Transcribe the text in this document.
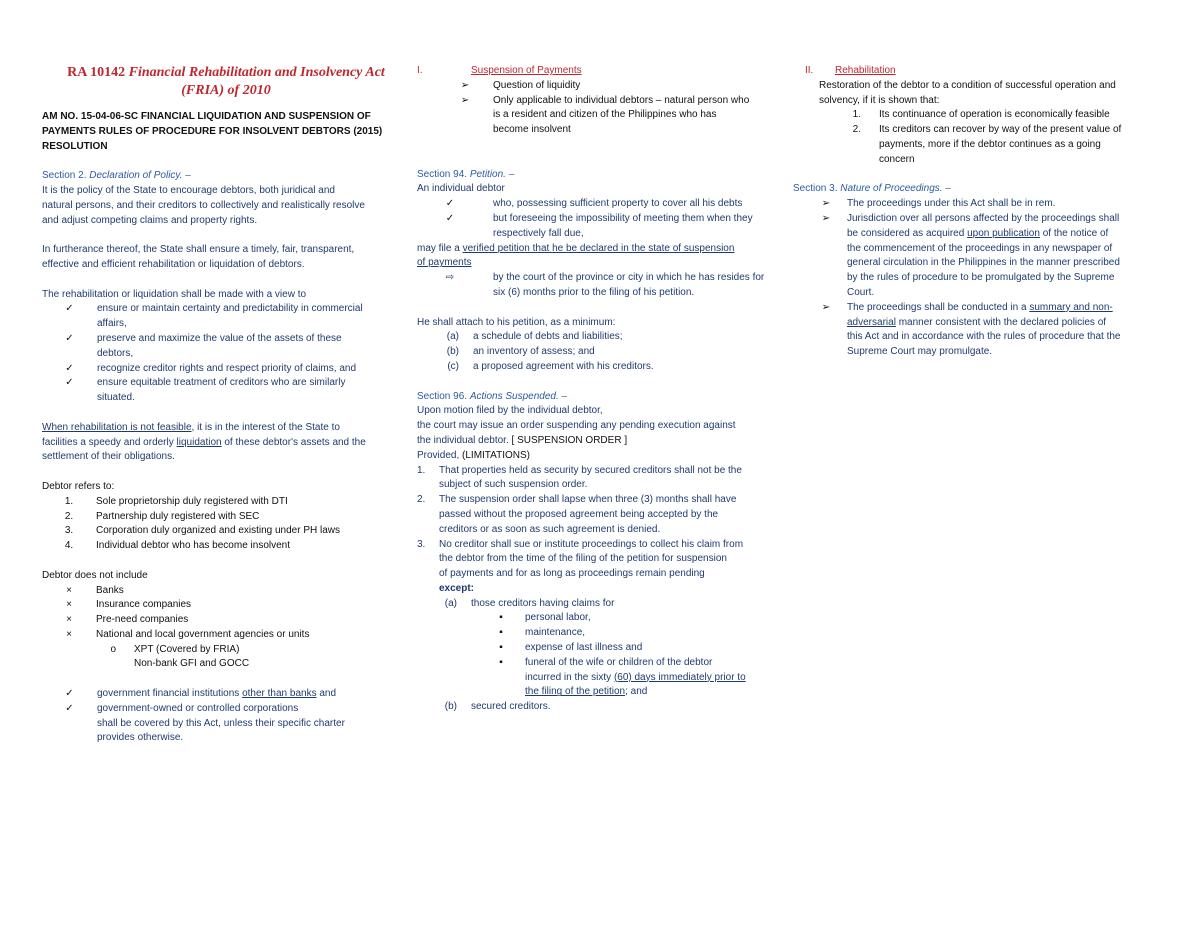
RA 10142 Financial Rehabilitation and Insolvency Act
(FRIA) of 2010
AM NO. 15-04-06-SC FINANCIAL LIQUIDATION AND SUSPENSION OF
PAYMENTS RULES OF PROCEDURE FOR INSOLVENT DEBTORS (2015)
RESOLUTION

Section 2. Declaration of Policy. –

It is the policy of the State to encourage debtors, both juridical and

natural persons, and their creditors to collectively and realistically resolve

and adjust competing claims and property rights.

In furtherance thereof, the State shall ensure a timely, fair, transparent,

effective and efficient rehabilitation or liquidation of debtors.

The rehabilitation or liquidation shall be made with a view to

✓	ensure or maintain certainty and predictability in commercial
affairs,
✓	preserve and maximize the value of the assets of these
debtors,
✓	recognize creditor rights and respect priority of claims, and
✓	ensure equitable treatment of creditors who are similarly
situated.

When rehabilitation is not feasible, it is in the interest of the State to

facilities a speedy and orderly liquidation of these debtor's assets and the

settlement of their obligations.

Debtor refers to:

1.	Sole proprietorship duly registered with DTI
2.	Partnership duly registered with SEC
3.	Corporation duly organized and existing under PH laws
4.	Individual debtor who has become insolvent

Debtor does not include

×	Banks
×	Insurance companies
×	Pre-need companies
×	National and local government agencies or units
o	XPT (Covered by FRIA)
Non-bank GFI and GOCC
✓	government financial institutions other than banks and
✓	government-owned or controlled corporations

shall be covered by this Act, unless their specific charter

provides otherwise.

I.	Suspension of Payments
➢	Question of liquidity
➢	Only applicable to individual debtors – natural person who
is a resident and citizen of the Philippines who has
become insolvent

Section 94. Petition. –

An individual debtor

✓	who, possessing sufficient property to cover all his debts
✓	but foreseeing the impossibility of meeting them when they
respectively fall due,

may file a verified petition that he be declared in the state of suspension

of payments

⇨	by the court of the province or city in which he has resides for
six (6) months prior to the filing of his petition.

He shall attach to his petition, as a minimum:

(a)	a schedule of debts and liabilities;
(b)	an inventory of assess; and
(c)	a proposed agreement with his creditors.

Section 96. Actions Suspended. –

Upon motion filed by the individual debtor,

the court may issue an order suspending any pending execution against

the individual debtor. [ SUSPENSION ORDER ]

Provided, (LIMITATIONS)

1.	That properties held as security by secured creditors shall not be the
subject of such suspension order.
2.	The suspension order shall lapse when three (3) months shall have
passed without the proposed agreement being accepted by the
creditors or as soon as such agreement is denied.
3.	No creditor shall sue or institute proceedings to collect his claim from
the debtor from the time of the filing of the petition for suspension
of payments and for as long as proceedings remain pending

except:

(a)	those creditors having claims for
▪	personal labor,
▪	maintenance,
▪	expense of last illness and
▪	funeral of the wife or children of the debtor

incurred in the sixty (60) days immediately prior to

the filing of the petition; and

(b)	secured creditors.
II.	Rehabilitation

Restoration of the debtor to a condition of successful operation and

solvency, if it is shown that:

1.	Its continuance of operation is economically feasible
2.	Its creditors can recover by way of the present value of
payments, more if the debtor continues as a going
concern

Section 3. Nature of Proceedings. –

➢	The proceedings under this Act shall be in rem.
➢	Jurisdiction over all persons affected by the proceedings shall
be considered as acquired upon publication of the notice of
the commencement of the proceedings in any newspaper of
general circulation in the Philippines in the manner prescribed
by the rules of procedure to be promulgated by the Supreme
Court.
➢	The proceedings shall be conducted in a summary and non-
adversarial manner consistent with the declared policies of
this Act and in accordance with the rules of procedure that the
Supreme Court may promulgate.
